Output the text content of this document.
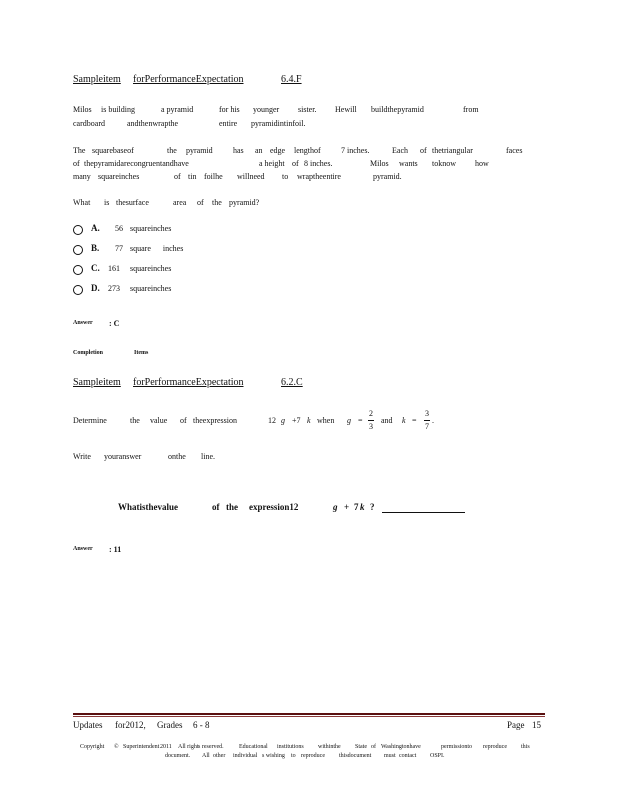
Sampleitem forPerformanceExpectation	6.4.F
Milos is building	a pyramid	for his younger sister. Hewill buildthepyramid	from
cardboard	andthenwrapthe	entire pyramidintinfoil.
The squarebaseof	the pyramid	has an edge lengthof	7 inches.	Each of thetriangular	faces
of thepyramidarecongruentandhave	a height of 8 inches.	Milos wants toknow how
many squareinches	of tin foilhe willneed to wraptheentire	pyramid.
What is thesurface	area of the pyramid?
A. 56 squareinches
B. 77 square      inches
C. 161 squareinches
D. 273 squareinches
Answer : C
Completion	Items
Sampleitem forPerformanceExpectation	6.2.C
Determine	the value of theexpression	12 g +7 k when g =
2
3
and k =
3
7
.
Write youranswer	onthe line.
Whatisthevalue	of the expression12	g + 7 k ?
Answer : 11
Updates for2012, Grades 6 - 8	Page 15
Copyright © Superintendent 2011 All right s reserved.	Educational institutions withinthe State of Washingtonhave	permissionto reproduce this
document. All other individual s wishing to reproduce thisdocument must contact OSPI.
